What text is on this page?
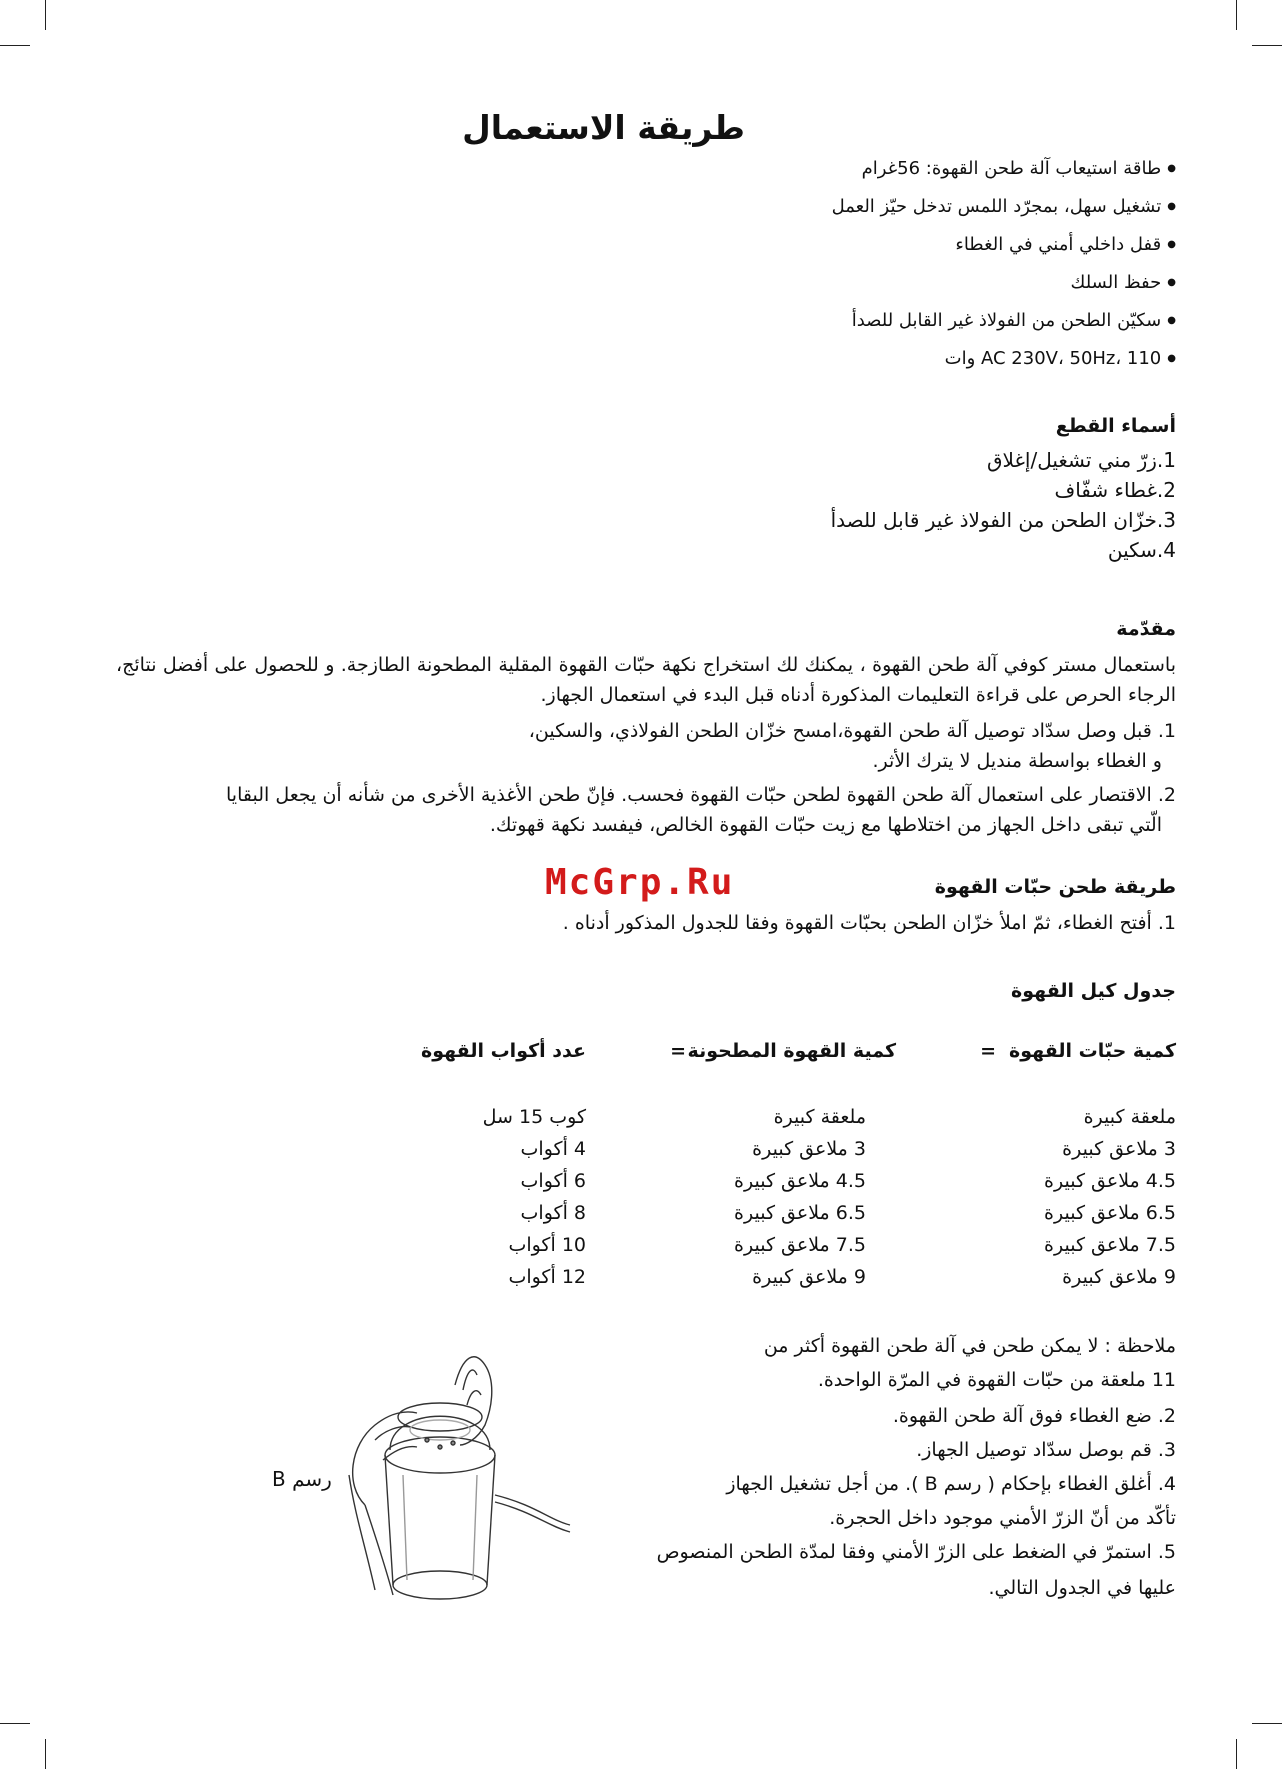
طريقة الاستعمال
● طاقة استيعاب آلة طحن القهوة: 56غرام
● تشغيل سهل، بمجرّد اللمس تدخل حيّز العمل
● قفل داخلي أمني في الغطاء
● حفظ السلك
● سكيّن الطحن من الفولاذ غير القابل للصدأ
● AC 230V، 50Hz، 110 وات
أسماء القطع
1.زرّ مني تشغيل/إغلاق
2.غطاء شفّاف
3.خزّان الطحن من الفولاذ غير قابل للصدأ
4.سكين
مقدّمة
باستعمال مستر كوفي آلة طحن القهوة ، يمكنك لك استخراج نكهة حبّات القهوة المقلية المطحونة الطازجة. و للحصول على أفضل نتائج، الرجاء الحرص على قراءة التعليمات المذكورة أدناه قبل البدء في استعمال الجهاز.
1. قبل وصل سدّاد توصيل آلة طحن القهوة،امسح خزّان الطحن الفولاذي، والسكين،
و الغطاء بواسطة منديل لا يترك الأثر.
2. الاقتصار على استعمال آلة طحن القهوة لطحن حبّات القهوة فحسب. فإنّ طحن الأغذية الأخرى من شأنه أن يجعل البقايا
الّتي تبقى داخل الجهاز من اختلاطها مع زيت حبّات القهوة الخالص، فيفسد نكهة قهوتك.
McGrp.Ru	طريقة طحن حبّات القهوة
1. أفتح الغطاء، ثمّ املأ خزّان الطحن بحبّات القهوة وفقا للجدول المذكور أدناه .
جدول كيل القهوة
كمية حبّات القهوة
=
كمية القهوة المطحونة
=
عدد أكواب القهوة
ملعقة كبيرة
ملعقة كبيرة
كوب 15 سل
3 ملاعق كبيرة
3 ملاعق كبيرة
4 أكواب
4.5 ملاعق كبيرة
4.5 ملاعق كبيرة
6 أكواب
6.5 ملاعق كبيرة
6.5 ملاعق كبيرة
8 أكواب
7.5 ملاعق كبيرة
7.5 ملاعق كبيرة
10 أكواب
9 ملاعق كبيرة
9 ملاعق كبيرة
12 أكواب
ملاحظة : لا يمكن طحن في آلة طحن القهوة أكثر من
11 ملعقة من حبّات القهوة في المرّة الواحدة.
2. ضع الغطاء فوق آلة طحن القهوة.
3. قم بوصل سدّاد توصيل الجهاز.
4. أغلق الغطاء بإحكام ( رسم B ). من أجل تشغيل الجهاز
تأكّد من أنّ الزرّ الأمني موجود داخل الحجرة.
5. استمرّ في الضغط على الزرّ الأمني وفقا لمدّة الطحن المنصوص
عليها في الجدول التالي.
رسم B
